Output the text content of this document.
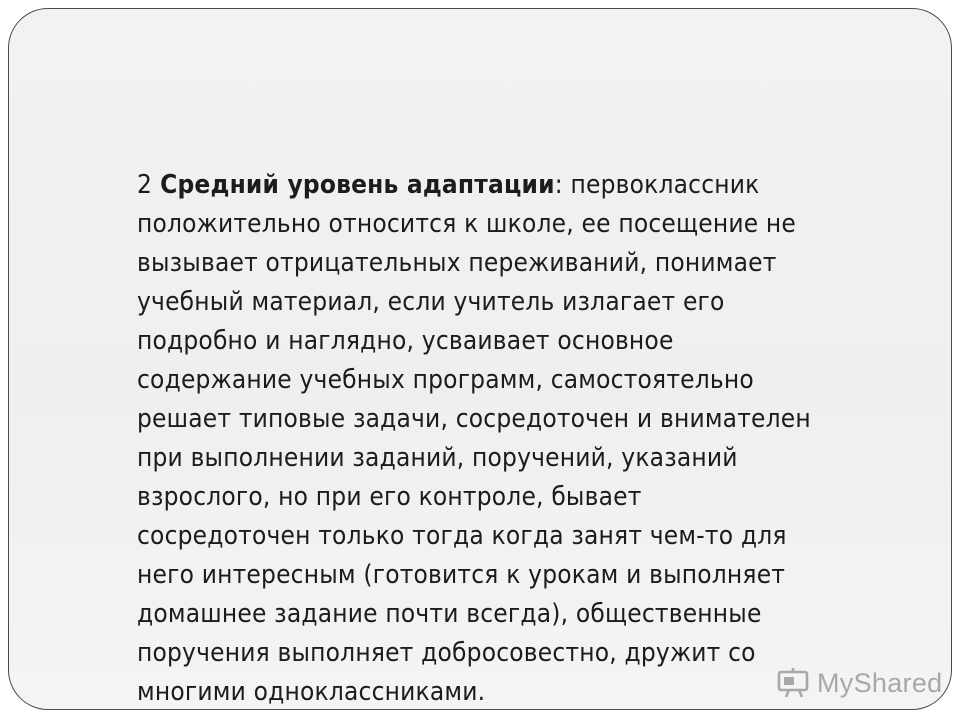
2 Средний уровень адаптации: первоклассник
положительно относится к школе, ее посещение не
вызывает отрицательных переживаний, понимает
учебный материал, если учитель излагает его
подробно и наглядно, усваивает основное
содержание учебных программ, самостоятельно
решает типовые задачи, сосредоточен и внимателен
при выполнении заданий, поручений, указаний
взрослого, но при его контроле, бывает
сосредоточен только тогда когда занят чем-то для
него интересным (готовится к урокам и выполняет
домашнее задание почти всегда), общественные
поручения выполняет добросовестно, дружит со
многими одноклассниками.	MyShared
